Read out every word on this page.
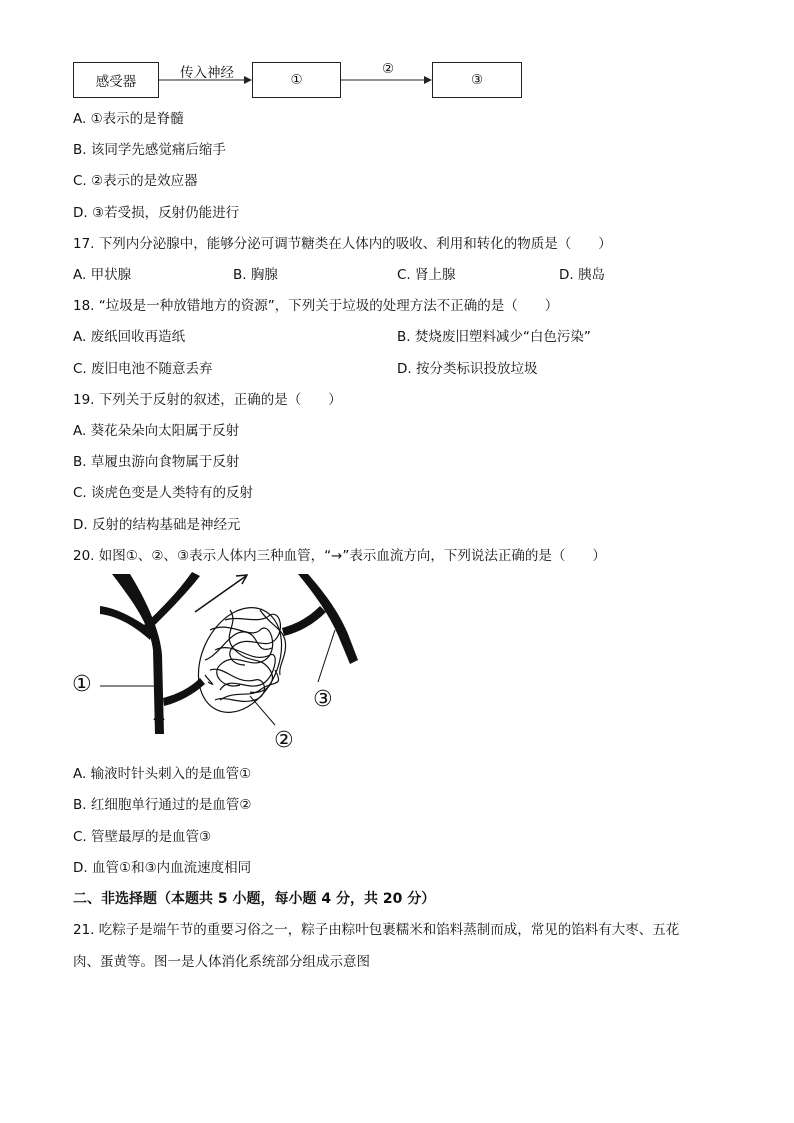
感受器
传入神经	①
②
③
A. ①表示的是脊髓
B. 该同学先感觉痛后缩手
C. ②表示的是效应器
D. ③若受损，反射仍能进行
17. 下列内分泌腺中，能够分泌可调节糖类在人体内的吸收、利用和转化的物质是（　　）
A. 甲状腺	B. 胸腺	C. 肾上腺	D. 胰岛
18. “垃圾是一种放错地方的资源”，下列关于垃圾的处理方法不正确的是（　　）
A. 废纸回收再造纸	B. 焚烧废旧塑料减少“白色污染”
C. 废旧电池不随意丢弃	D. 按分类标识投放垃圾
19. 下列关于反射的叙述，正确的是（　　）
A. 葵花朵朵向太阳属于反射
B. 草履虫游向食物属于反射
C. 谈虎色变是人类特有的反射
D. 反射的结构基础是神经元
20. 如图①、②、③表示人体内三种血管，“→”表示血流方向，下列说法正确的是（　　）
①
②
③
A. 输液时针头刺入的是血管①
B. 红细胞单行通过的是血管②
C. 管壁最厚的是血管③
D. 血管①和③内血流速度相同
二、非选择题（本题共 5 小题，每小题 4 分，共 20 分）
21. 吃粽子是端午节的重要习俗之一，粽子由粽叶包裹糯米和馅料蒸制而成，常见的馅料有大枣、五花
肉、蛋黄等。图一是人体消化系统部分组成示意图
